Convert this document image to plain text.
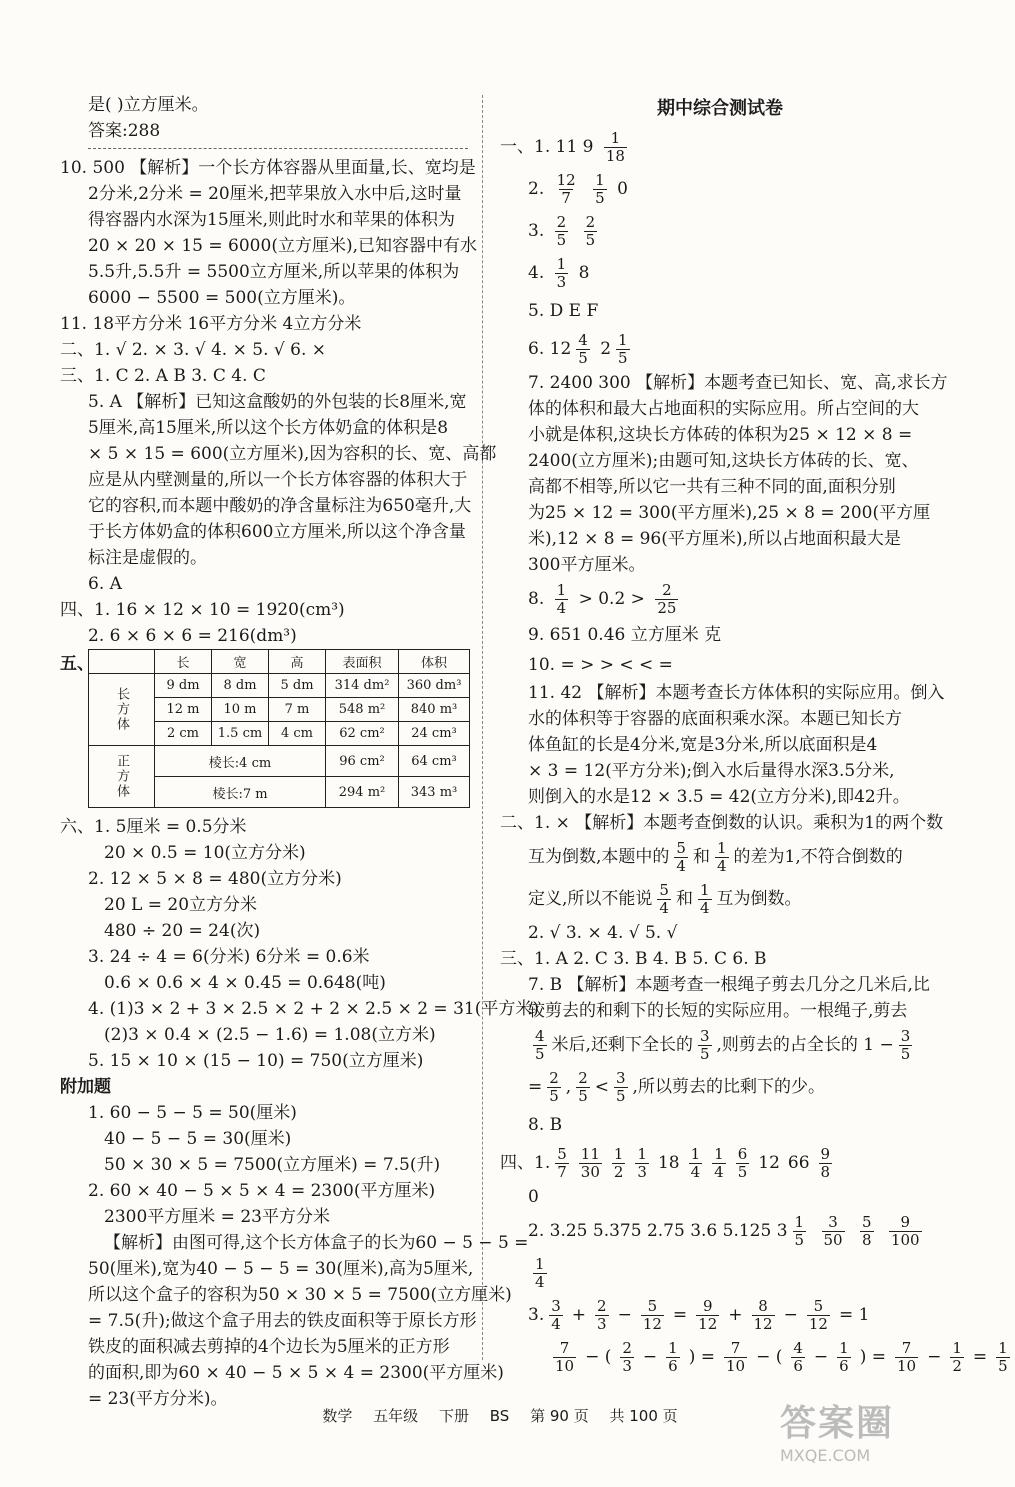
是( )立方厘米。
答案:288
10. 500 【解析】一个长方体容器从里面量,长、宽均是
2分米,2分米 = 20厘米,把苹果放入水中后,这时量
得容器内水深为15厘米,则此时水和苹果的体积为
20 × 20 × 15 = 6000(立方厘米),已知容器中有水
5.5升,5.5升 = 5500立方厘米,所以苹果的体积为
6000 − 5500 = 500(立方厘米)。
11. 18平方分米 16平方分米 4立方分米
二、1. √ 2. × 3. √ 4. × 5. √ 6. ×
三、1. C 2. A B 3. C 4. C
5. A 【解析】已知这盒酸奶的外包装的长8厘米,宽
5厘米,高15厘米,所以这个长方体奶盒的体积是8
× 5 × 15 = 600(立方厘米),因为容积的长、宽、高都
应是从内壁测量的,所以一个长方体容器的体积大于
它的容积,而本题中酸奶的净含量标注为650毫升,大
于长方体奶盒的体积600立方厘米,所以这个净含量
标注是虚假的。
6. A
四、1. 16 × 12 × 10 = 1920(cm³)
2. 6 × 6 × 6 = 216(dm³)
五、
		长	宽	高	表面积	体积
长方体	9 dm	8 dm	5 dm	314 dm²	360 dm³
	12 m	10 m	7 m	548 m²	840 m³
	2 cm	1.5 cm	4 cm	62 cm²	24 cm³
正方体	棱长:4 cm			96 cm²	64 cm³
	棱长:7 m			294 m²	343 m³
六、1. 5厘米 = 0.5分米
20 × 0.5 = 10(立方分米)
2. 12 × 5 × 8 = 480(立方分米)
20 L = 20立方分米
480 ÷ 20 = 24(次)
3. 24 ÷ 4 = 6(分米) 6分米 = 0.6米
0.6 × 0.6 × 4 × 0.45 = 0.648(吨)
4. (1)3 × 2 + 3 × 2.5 × 2 + 2 × 2.5 × 2 = 31(平方米)
(2)3 × 0.4 × (2.5 − 1.6) = 1.08(立方米)
5. 15 × 10 × (15 − 10) = 750(立方厘米)
附加题
1. 60 − 5 − 5 = 50(厘米)
40 − 5 − 5 = 30(厘米)
50 × 30 × 5 = 7500(立方厘米) = 7.5(升)
2. 60 × 40 − 5 × 5 × 4 = 2300(平方厘米)
2300平方厘米 = 23平方分米
【解析】由图可得,这个长方体盒子的长为60 − 5 − 5 =
50(厘米),宽为40 − 5 − 5 = 30(厘米),高为5厘米,
所以这个盒子的容积为50 × 30 × 5 = 7500(立方厘米)
= 7.5(升);做这个盒子用去的铁皮面积等于原长方形
铁皮的面积减去剪掉的4个边长为5厘米的正方形
的面积,即为60 × 40 − 5 × 5 × 4 = 2300(平方厘米)
= 23(平方分米)。
期中综合测试卷
一、1. 11 $9 \frac{1}{18}$
2. $\frac{12}{7}$
$\frac{1}{5} 0$
3. $\frac{2}{5}$
$\frac{2}{5}$
4. $\frac{1}{3} 8$
5. D E F
6. $12 \frac{4}{5} 2 \frac{1}{5}$
7. 2400 300 【解析】本题考查已知长、宽、高,求长方
体的体积和最大占地面积的实际应用。所占空间的大
小就是体积,这块长方体砖的体积为25 × 12 × 8 =
2400(立方厘米);由题可知,这块长方体砖的长、宽、
高都不相等,所以它一共有三种不同的面,面积分别
为25 × 12 = 300(平方厘米),25 × 8 = 200(平方厘
米),12 × 8 = 96(平方厘米),所以占地面积最大是
300平方厘米。
8. $\frac{1}{4} > 0.2 > \frac{2}{25}$
9. 651 0.46 立方厘米 克
10. = > > < < =
11. 42 【解析】本题考查长方体体积的实际应用。倒入
水的体积等于容器的底面积乘水深。本题已知长方
体鱼缸的长是4分米,宽是3分米,所以底面积是4
× 3 = 12(平方分米);倒入水后量得水深3.5分米,
则倒入的水是12 × 3.5 = 42(立方分米),即42升。
二、1. × 【解析】本题考查倒数的认识。乘积为1的两个数
互为倒数,本题中的 $\frac{5}{4}$ 和 $\frac{1}{4}$ 的差为1,不符合倒数的
定义,所以不能说 $\frac{5}{4}$ 和 $\frac{1}{4}$ 互为倒数。
2. √ 3. × 4. √ 5. √
三、1. A 2. C 3. B 4. B 5. C 6. B
7. B 【解析】本题考查一根绳子剪去几分之几米后,比
较剪去的和剩下的长短的实际应用。一根绳子,剪去
$\frac{4}{5}$ 米后,还剩下全长的 $\frac{3}{5}$ ,则剪去的占全长的 $1 - \frac{3}{5}$
= $\frac{2}{5}$ , $\frac{2}{5} < \frac{3}{5}$ ,所以剪去的比剩下的少。
8. B
四、1. $\frac{5}{7} \frac{11}{30} \frac{1}{2} \frac{1}{3} 18 \frac{1}{4} \frac{1}{4} \frac{6}{5} 12$ $66 \frac{9}{8}$
0
2. 3.25 5.375 2.75 3.6 5.125 $3 \frac{1}{5}$
$\frac{3}{50}$
$\frac{5}{8}$
$\frac{9}{100}$
$\frac{1}{4}$
3. $\frac{3}{4} + \frac{2}{3} - \frac{5}{12} = \frac{9}{12} + \frac{8}{12} - \frac{5}{12} = 1$
$\frac{7}{10}$ − ( $\frac{2}{3} - \frac{1}{6}$ ) = $\frac{7}{10}$ − ( $\frac{4}{6} - \frac{1}{6}$ ) = $\frac{7}{10} - \frac{1}{2} = \frac{1}{5}$
数学 五年级 下册 BS 第 90 页 共 100 页	答案圈
MXQE.COM
